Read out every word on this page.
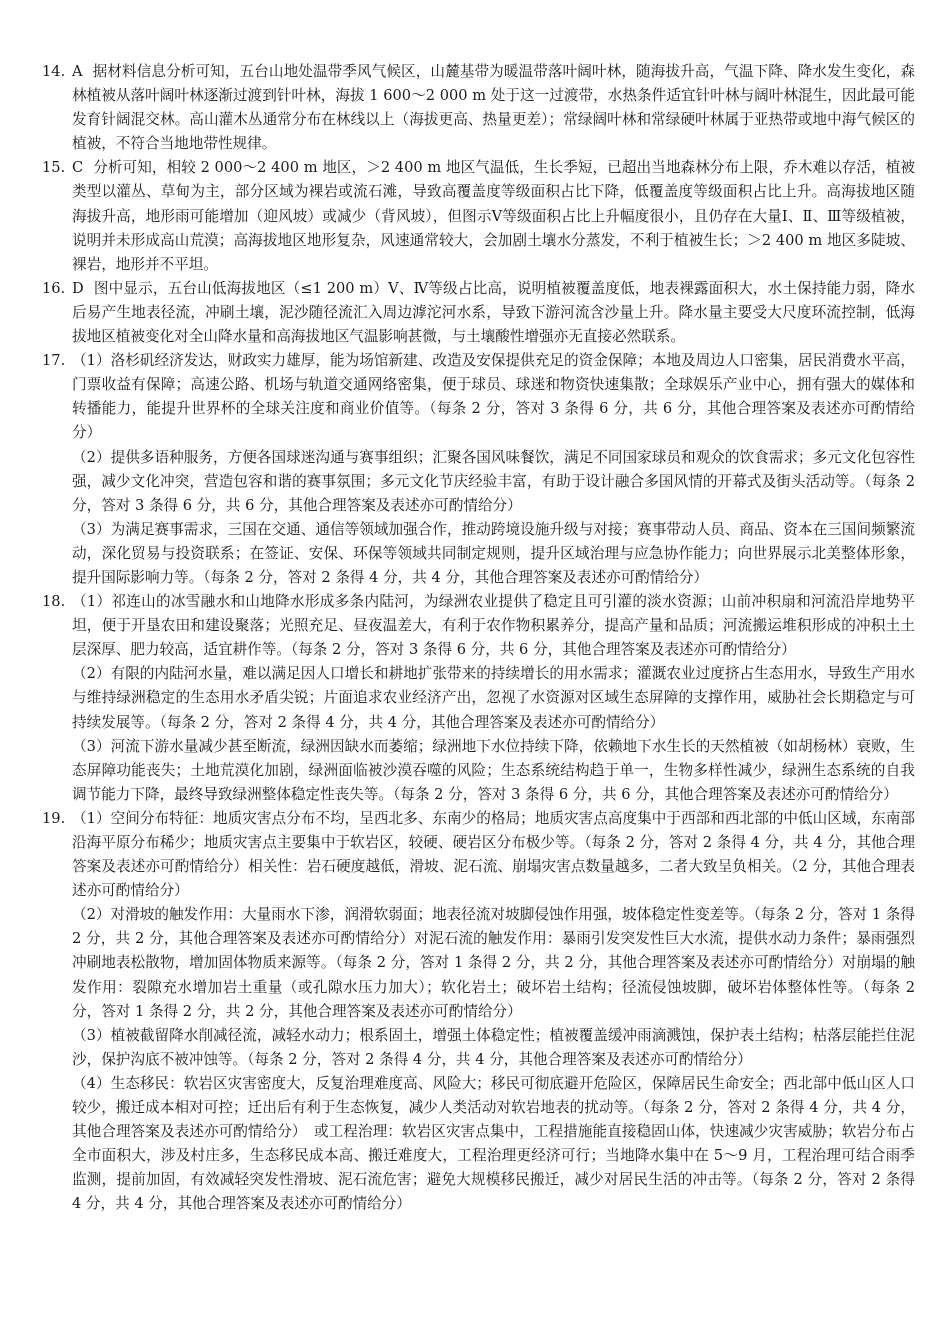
14. A 据材料信息分析可知，五台山地处温带季风气候区，山麓基带为暖温带落叶阔叶林，随海拔升高，气温下降、降水发生变化，森林植被从落叶阔叶林逐渐过渡到针叶林，海拔 1 600～2 000 m 处于这一过渡带，水热条件适宜针叶林与阔叶林混生，因此最可能发育针阔混交林。高山灌木丛通常分布在林线以上（海拔更高、热量更差）；常绿阔叶林和常绿硬叶林属于亚热带或地中海气候区的植被，不符合当地地带性规律。

15. C 分析可知，相较 2 000～2 400 m 地区，＞2 400 m 地区气温低，生长季短，已超出当地森林分布上限，乔木难以存活，植被类型以灌丛、草甸为主，部分区域为裸岩或流石滩，导致高覆盖度等级面积占比下降，低覆盖度等级面积占比上升。高海拔地区随海拔升高，地形雨可能增加（迎风坡）或减少（背风坡），但图示Ⅴ等级面积占比上升幅度很小，且仍存在大量Ⅰ、Ⅱ、Ⅲ等级植被，说明并未形成高山荒漠；高海拔地区地形复杂，风速通常较大，会加剧土壤水分蒸发，不利于植被生长；＞2 400 m 地区多陡坡、裸岩，地形并不平坦。

16. D 图中显示，五台山低海拔地区（≤1 200 m）Ⅴ、Ⅳ等级占比高，说明植被覆盖度低，地表裸露面积大，水土保持能力弱，降水后易产生地表径流，冲刷土壤，泥沙随径流汇入周边滹沱河水系，导致下游河流含沙量上升。降水量主要受大尺度环流控制，低海拔地区植被变化对全山降水量和高海拔地区气温影响甚微，与土壤酸性增强亦无直接必然联系。

17. （1）洛杉矶经济发达，财政实力雄厚，能为场馆新建、改造及安保提供充足的资金保障；本地及周边人口密集，居民消费水平高，门票收益有保障；高速公路、机场与轨道交通网络密集，便于球员、球迷和物资快速集散；全球娱乐产业中心，拥有强大的媒体和转播能力，能提升世界杯的全球关注度和商业价值等。（每条 2 分，答对 3 条得 6 分，共 6 分，其他合理答案及表述亦可酌情给分）

（2）提供多语种服务，方便各国球迷沟通与赛事组织；汇聚各国风味餐饮，满足不同国家球员和观众的饮食需求；多元文化包容性强，减少文化冲突，营造包容和谐的赛事氛围；多元文化节庆经验丰富，有助于设计融合多国风情的开幕式及街头活动等。（每条 2 分，答对 3 条得 6 分，共 6 分，其他合理答案及表述亦可酌情给分）

（3）为满足赛事需求，三国在交通、通信等领域加强合作，推动跨境设施升级与对接；赛事带动人员、商品、资本在三国间频繁流动，深化贸易与投资联系；在签证、安保、环保等领域共同制定规则，提升区域治理与应急协作能力；向世界展示北美整体形象，提升国际影响力等。（每条 2 分，答对 2 条得 4 分，共 4 分，其他合理答案及表述亦可酌情给分）

18. （1）祁连山的冰雪融水和山地降水形成多条内陆河，为绿洲农业提供了稳定且可引灌的淡水资源；山前冲积扇和河流沿岸地势平坦，便于开垦农田和建设聚落；光照充足、昼夜温差大，有利于农作物积累养分，提高产量和品质；河流搬运堆积形成的冲积土土层深厚、肥力较高，适宜耕作等。（每条 2 分，答对 3 条得 6 分，共 6 分，其他合理答案及表述亦可酌情给分）

（2）有限的内陆河水量，难以满足因人口增长和耕地扩张带来的持续增长的用水需求；灌溉农业过度挤占生态用水，导致生产用水与维持绿洲稳定的生态用水矛盾尖锐；片面追求农业经济产出，忽视了水资源对区域生态屏障的支撑作用，威胁社会长期稳定与可持续发展等。（每条 2 分，答对 2 条得 4 分，共 4 分，其他合理答案及表述亦可酌情给分）

（3）河流下游水量减少甚至断流，绿洲因缺水而萎缩；绿洲地下水位持续下降，依赖地下水生长的天然植被（如胡杨林）衰败，生态屏障功能丧失；土地荒漠化加剧，绿洲面临被沙漠吞噬的风险；生态系统结构趋于单一，生物多样性减少，绿洲生态系统的自我调节能力下降，最终导致绿洲整体稳定性丧失等。（每条 2 分，答对 3 条得 6 分，共 6 分，其他合理答案及表述亦可酌情给分）

19. （1）空间分布特征：地质灾害点分布不均，呈西北多、东南少的格局；地质灾害点高度集中于西部和西北部的中低山区域，东南部沿海平原分布稀少；地质灾害点主要集中于软岩区，较硬、硬岩区分布极少等。（每条 2 分，答对 2 条得 4 分，共 4 分，其他合理答案及表述亦可酌情给分）相关性：岩石硬度越低，滑坡、泥石流、崩塌灾害点数量越多，二者大致呈负相关。（2 分，其他合理表述亦可酌情给分）

（2）对滑坡的触发作用：大量雨水下渗，润滑软弱面；地表径流对坡脚侵蚀作用强，坡体稳定性变差等。（每条 2 分，答对 1 条得 2 分，共 2 分，其他合理答案及表述亦可酌情给分）对泥石流的触发作用：暴雨引发突发性巨大水流，提供水动力条件；暴雨强烈冲刷地表松散物，增加固体物质来源等。（每条 2 分，答对 1 条得 2 分，共 2 分，其他合理答案及表述亦可酌情给分）对崩塌的触发作用：裂隙充水增加岩土重量（或孔隙水压力加大）；软化岩土；破坏岩土结构；径流侵蚀坡脚，破坏岩体整体性等。（每条 2 分，答对 1 条得 2 分，共 2 分，其他合理答案及表述亦可酌情给分）

（3）植被截留降水削减径流，减轻水动力；根系固土，增强土体稳定性；植被覆盖缓冲雨滴溅蚀，保护表土结构；枯落层能拦住泥沙，保护沟底不被冲蚀等。（每条 2 分，答对 2 条得 4 分，共 4 分，其他合理答案及表述亦可酌情给分）

（4）生态移民：软岩区灾害密度大，反复治理难度高、风险大；移民可彻底避开危险区，保障居民生命安全；西北部中低山区人口较少，搬迁成本相对可控；迁出后有利于生态恢复，减少人类活动对软岩地表的扰动等。（每条 2 分，答对 2 条得 4 分，共 4 分，其他合理答案及表述亦可酌情给分）　或工程治理：软岩区灾害点集中，工程措施能直接稳固山体，快速减少灾害威胁；软岩分布占全市面积大，涉及村庄多，生态移民成本高、搬迁难度大，工程治理更经济可行；当地降水集中在 5～9 月，工程治理可结合雨季监测，提前加固，有效减轻突发性滑坡、泥石流危害；避免大规模移民搬迁，减少对居民生活的冲击等。（每条 2 分，答对 2 条得 4 分，共 4 分，其他合理答案及表述亦可酌情给分）
